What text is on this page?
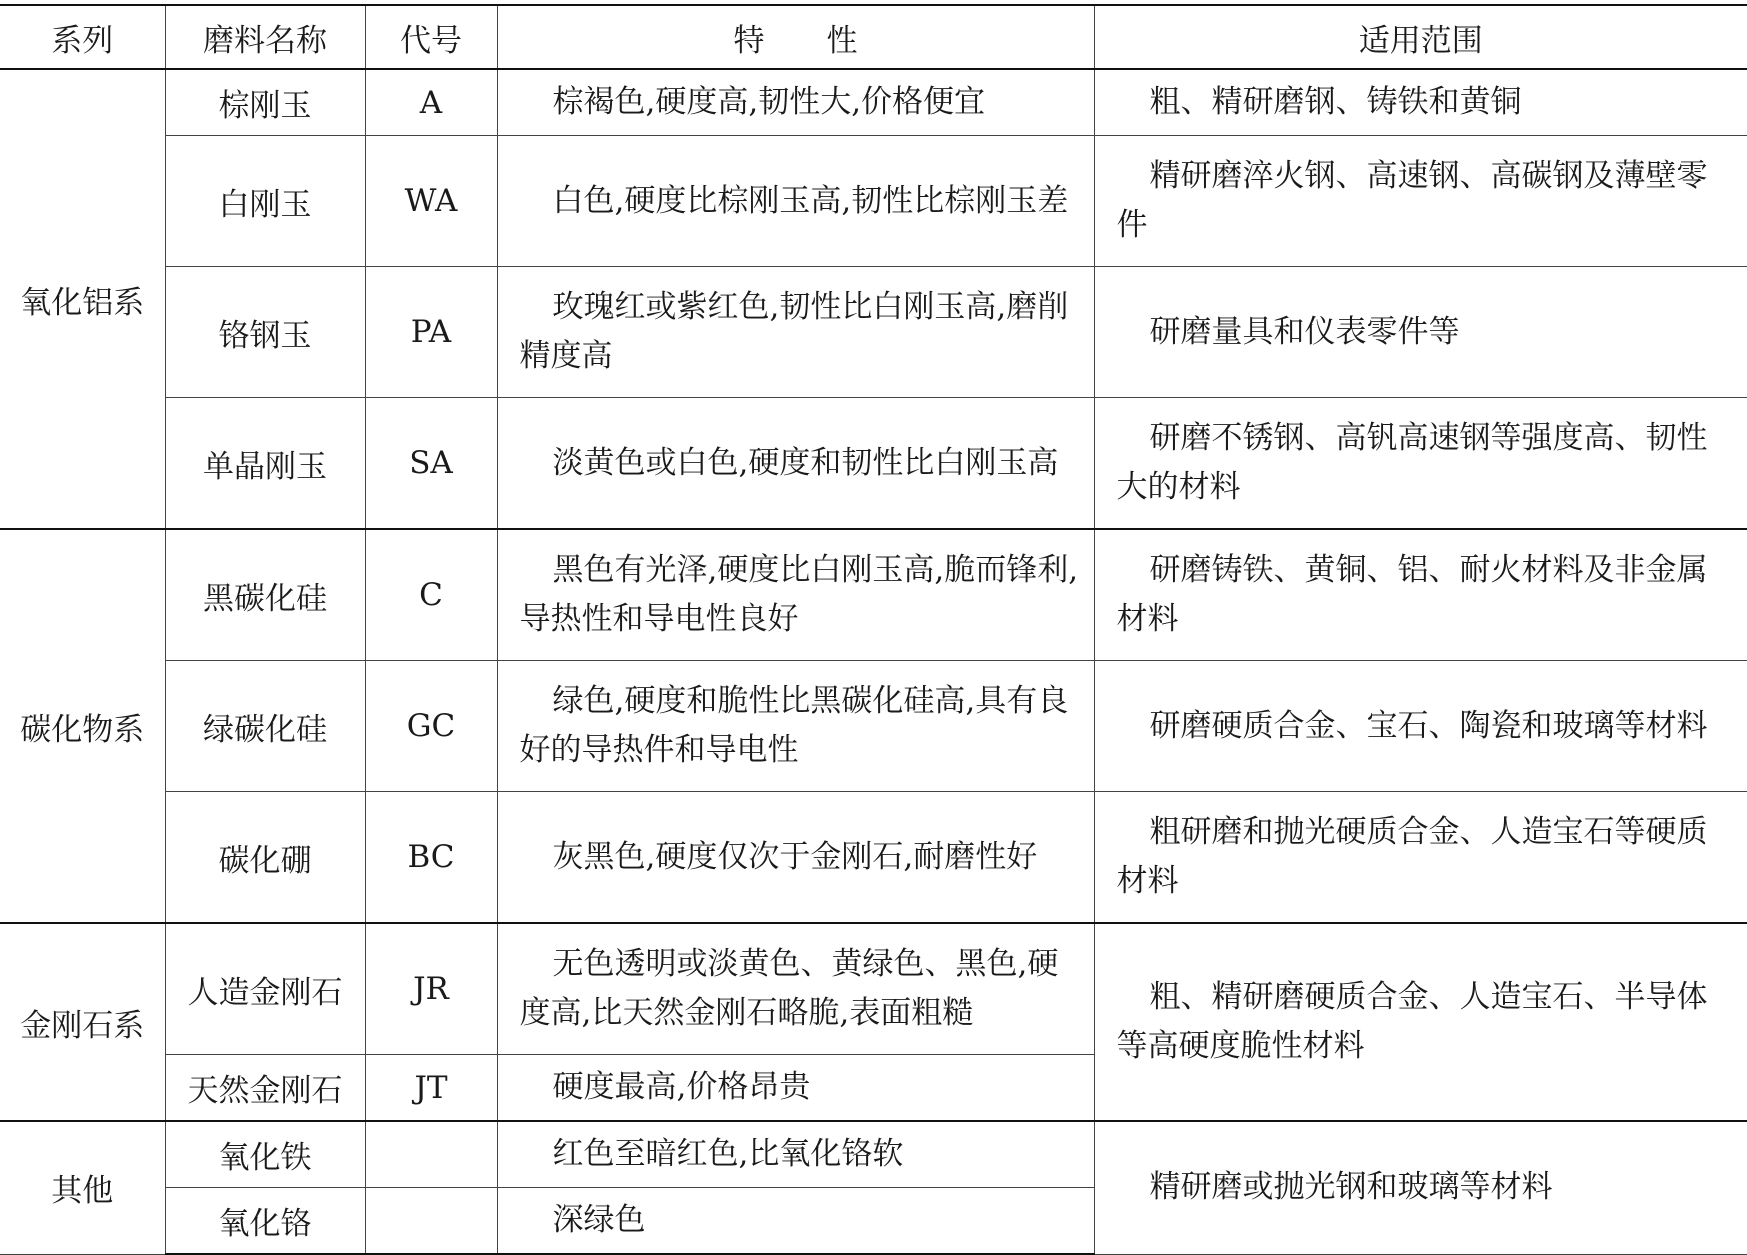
系列	磨料名称	代号	特　　性	适用范围
氧化铝系	棕刚玉	A	棕褐色,硬度高,韧性大,价格便宜	粗、精研磨钢、铸铁和黄铜
	白刚玉	WA	白色,硬度比棕刚玉高,韧性比棕刚玉差	精研磨淬火钢、高速钢、高碳钢及薄壁零件
	铬钢玉	PA	玫瑰红或紫红色,韧性比白刚玉高,磨削精度高	研磨量具和仪表零件等
	单晶刚玉	SA	淡黄色或白色,硬度和韧性比白刚玉高	研磨不锈钢、高钒高速钢等强度高、韧性大的材料
碳化物系	黑碳化硅	C	黑色有光泽,硬度比白刚玉高,脆而锋利,导热性和导电性良好	研磨铸铁、黄铜、铝、耐火材料及非金属材料
	绿碳化硅	GC	绿色,硬度和脆性比黑碳化硅高,具有良好的导热件和导电性	研磨硬质合金、宝石、陶瓷和玻璃等材料
	碳化硼	BC	灰黑色,硬度仅次于金刚石,耐磨性好	粗研磨和抛光硬质合金、人造宝石等硬质材料
金刚石系	人造金刚石	JR	无色透明或淡黄色、黄绿色、黑色,硬度高,比天然金刚石略脆,表面粗糙	粗、精研磨硬质合金、人造宝石、半导体等高硬度脆性材料
	天然金刚石	JT	硬度最高,价格昂贵	
其他	氧化铁		红色至暗红色,比氧化铬软	精研磨或抛光钢和玻璃等材料
	氧化铬		深绿色	
